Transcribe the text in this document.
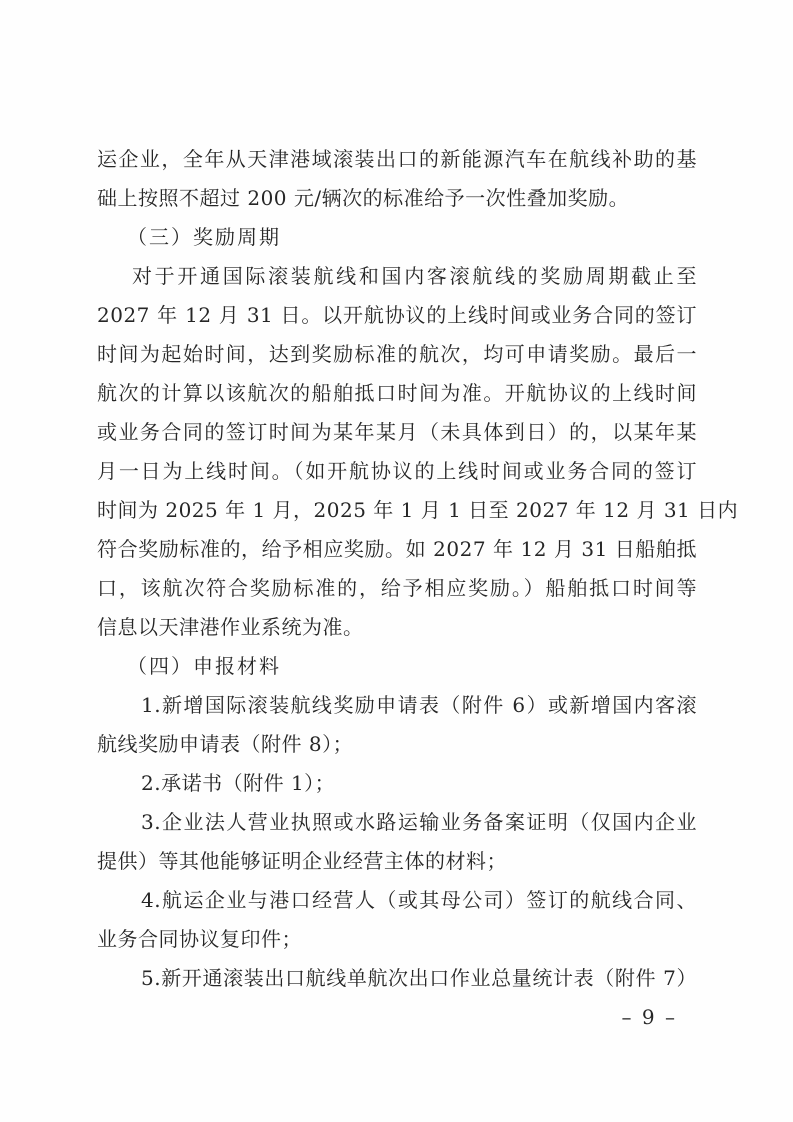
运企业，全年从天津港域滚装出口的新能源汽车在航线补助的基
础上按照不超过 200 元/辆次的标准给予一次性叠加奖励。
（三）奖励周期
对于开通国际滚装航线和国内客滚航线的奖励周期截止至
2027 年 12 月 31 日。以开航协议的上线时间或业务合同的签订
时间为起始时间，达到奖励标准的航次，均可申请奖励。最后一
航次的计算以该航次的船舶抵口时间为准。开航协议的上线时间
或业务合同的签订时间为某年某月（未具体到日）的，以某年某
月一日为上线时间。（如开航协议的上线时间或业务合同的签订
时间为 2025 年 1 月，2025 年 1 月 1 日至 2027 年 12 月 31 日内
符合奖励标准的，给予相应奖励。如 2027 年 12 月 31 日船舶抵
口，该航次符合奖励标准的，给予相应奖励。）船舶抵口时间等
信息以天津港作业系统为准。
（四）申报材料
1.新增国际滚装航线奖励申请表（附件 6）或新增国内客滚
航线奖励申请表（附件 8）；
2.承诺书（附件 1）；
3.企业法人营业执照或水路运输业务备案证明（仅国内企业
提供）等其他能够证明企业经营主体的材料；
4.航运企业与港口经营人（或其母公司）签订的航线合同、
业务合同协议复印件；
5.新开通滚装出口航线单航次出口作业总量统计表（附件 7）
– 9 –
